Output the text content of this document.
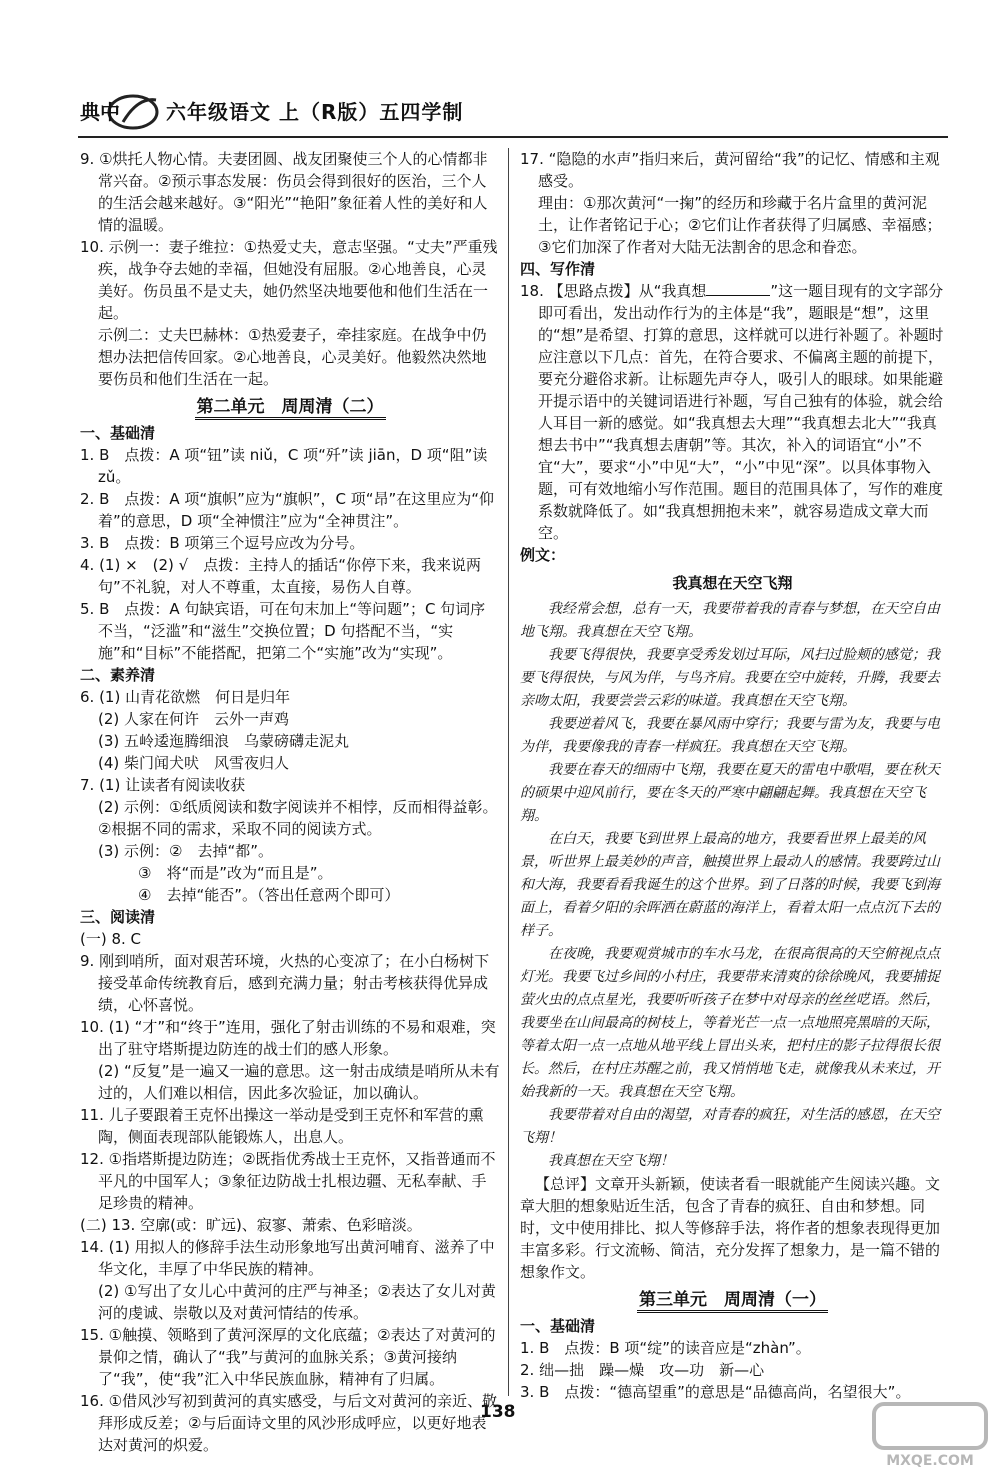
典中 六年级语文 上（R版）五四学制

9. ①烘托人物心情。夫妻团圆、战友团聚使三个人的心情都非常兴奋。②预示事态发展：伤员会得到很好的医治，三个人的生活会越来越好。③“阳光”“艳阳”象征着人性的美好和人情的温暖。

10. 示例一：妻子维拉：①热爱丈夫，意志坚强。“丈夫”严重残疾，战争夺去她的幸福，但她没有屈服。②心地善良，心灵美好。伤员虽不是丈夫，她仍然坚决地要他和他们生活在一起。

示例二：丈夫巴赫林：①热爱妻子，牵挂家庭。在战争中仍想办法把信传回家。②心地善良，心灵美好。他毅然决然地要伤员和他们生活在一起。

第二单元　周周清（二）

一、基础清

1. B　点拨：A 项“钮”读 niǔ，C 项“歼”读 jiān，D 项“阻”读 zǔ。

2. B　点拨：A 项“旗帜”应为“旗帜”，C 项“昂”在这里应为“仰着”的意思，D 项“全神惯注”应为“全神贯注”。

3. B　点拨：B 项第三个逗号应改为分号。

4. (1) ×　(2) √　点拨：主持人的插话“你停下来，我来说两句”不礼貌，对人不尊重，太直接，易伤人自尊。

5. B　点拨：A 句缺宾语，可在句末加上“等问题”；C 句词序不当，“泛滥”和“滋生”交换位置；D 句搭配不当，“实施”和“目标”不能搭配，把第二个“实施”改为“实现”。

二、素养清

6. (1) 山青花欲燃　何日是归年

(2) 人家在何许　云外一声鸡

(3) 五岭逶迤腾细浪　乌蒙磅礴走泥丸

(4) 柴门闻犬吠　风雪夜归人

7. (1) 让读者有阅读收获

(2) 示例：①纸质阅读和数字阅读并不相悖，反而相得益彰。②根据不同的需求，采取不同的阅读方式。

(3) 示例：②　去掉“都”。

③　将“而是”改为“而且是”。

④　去掉“能否”。（答出任意两个即可）

三、阅读清

(一) 8. C

9. 刚到哨所，面对艰苦环境，火热的心变凉了；在小白杨树下接受革命传统教育后，感到充满力量；射击考核获得优异成绩，心怀喜悦。

10. (1) “才”和“终于”连用，强化了射击训练的不易和艰难，突出了驻守塔斯提边防连的战士们的感人形象。

(2) “反复”是一遍又一遍的意思。这一射击成绩是哨所从未有过的，人们难以相信，因此多次验证，加以确认。

11. 儿子要跟着王克怀出操这一举动是受到王克怀和军营的熏陶，侧面表现部队能锻炼人，出息人。

12. ①指塔斯提边防连；②既指优秀战士王克怀，又指普通而不平凡的中国军人；③象征边防战士扎根边疆、无私奉献、手足珍贵的精神。

(二) 13. 空廓(或：旷远)、寂寥、萧索、色彩暗淡。

14. (1) 用拟人的修辞手法生动形象地写出黄河哺育、滋养了中华文化，丰厚了中华民族的精神。

(2) ①写出了女儿心中黄河的庄严与神圣；②表达了女儿对黄河的虔诚、崇敬以及对黄河情结的传承。

15. ①触摸、领略到了黄河深厚的文化底蕴；②表达了对黄河的景仰之情，确认了“我”与黄河的血脉关系；③黄河接纳了“我”，使“我”汇入中华民族血脉，精神有了归属。

16. ①借风沙写初到黄河的真实感受，与后文对黄河的亲近、敬拜形成反差；②与后面诗文里的风沙形成呼应，以更好地表达对黄河的炽爱。

17. “隐隐的水声”指归来后，黄河留给“我”的记忆、情感和主观感受。

理由：①那次黄河“一掬”的经历和珍藏于名片盒里的黄河泥土，让作者铭记于心；②它们让作者获得了归属感、幸福感；③它们加深了作者对大陆无法割舍的思念和眷恋。

四、写作清

18. 【思路点拨】从“我真想	”这一题目现有的文字部分即可看出，发出动作行为的主体是“我”，题眼是“想”，这里的“想”是希望、打算的意思，这样就可以进行补题了。补题时应注意以下几点：首先，在符合要求、不偏离主题的前提下，要充分避俗求新。让标题先声夺人，吸引人的眼球。如果能避开提示语中的关键词语进行补题，写自己独有的体验，就会给人耳目一新的感觉。如“我真想去大理”“我真想去北大”“我真想去书中”“我真想去唐朝”等。其次，补入的词语宜“小”不宜“大”，要求“小”中见“大”，“小”中见“深”。以具体事物入题，可有效地缩小写作范围。题目的范围具体了，写作的难度系数就降低了。如“我真想拥抱未来”，就容易造成文章大而空。

例文：

我真想在天空飞翔

我经常会想，总有一天，我要带着我的青春与梦想，在天空自由地飞翔。我真想在天空飞翔。

我要飞得很快，我要享受秀发划过耳际，风扫过脸颊的感觉；我要飞得很快，与风为伴，与鸟齐肩。我要在空中旋转，升腾，我要去亲吻太阳，我要尝尝云彩的味道。我真想在天空飞翔。

我要逆着风飞，我要在暴风雨中穿行；我要与雷为友，我要与电为伴，我要像我的青春一样疯狂。我真想在天空飞翔。

我要在春天的细雨中飞翔，我要在夏天的雷电中歌唱，要在秋天的硕果中迎风前行，要在冬天的严寒中翩翩起舞。我真想在天空飞翔。

在白天，我要飞到世界上最高的地方，我要看世界上最美的风景，听世界上最美妙的声音，触摸世界上最动人的感情。我要跨过山和大海，我要看看我诞生的这个世界。到了日落的时候，我要飞到海面上，看着夕阳的余晖洒在蔚蓝的海洋上，看着太阳一点点沉下去的样子。

在夜晚，我要观赏城市的车水马龙，在很高很高的天空俯视点点灯光。我要飞过乡间的小村庄，我要带来清爽的徐徐晚风，我要捕捉萤火虫的点点星光，我要听听孩子在梦中对母亲的丝丝呓语。然后，我要坐在山间最高的树枝上，等着光芒一点一点地照亮黑暗的天际，等着太阳一点一点地从地平线上冒出头来，把村庄的影子拉得很长很长。然后，在村庄苏醒之前，我又悄悄地飞走，就像我从未来过，开始我新的一天。我真想在天空飞翔。

我要带着对自由的渴望，对青春的疯狂，对生活的感恩，在天空飞翔！

我真想在天空飞翔！

【总评】文章开头新颖，使读者看一眼就能产生阅读兴趣。文章大胆的想象贴近生活，包含了青春的疯狂、自由和梦想。同时，文中使用排比、拟人等修辞手法，将作者的想象表现得更加丰富多彩。行文流畅、简洁，充分发挥了想象力，是一篇不错的想象作文。

第三单元　周周清（一）

一、基础清

1. B　点拨：B 项“绽”的读音应是“zhàn”。

2. 绌—拙　躁—燥　攻—功　新—心

3. B　点拨：“德高望重”的意思是“品德高尚，名望很大”。

138
MXQE.COM
